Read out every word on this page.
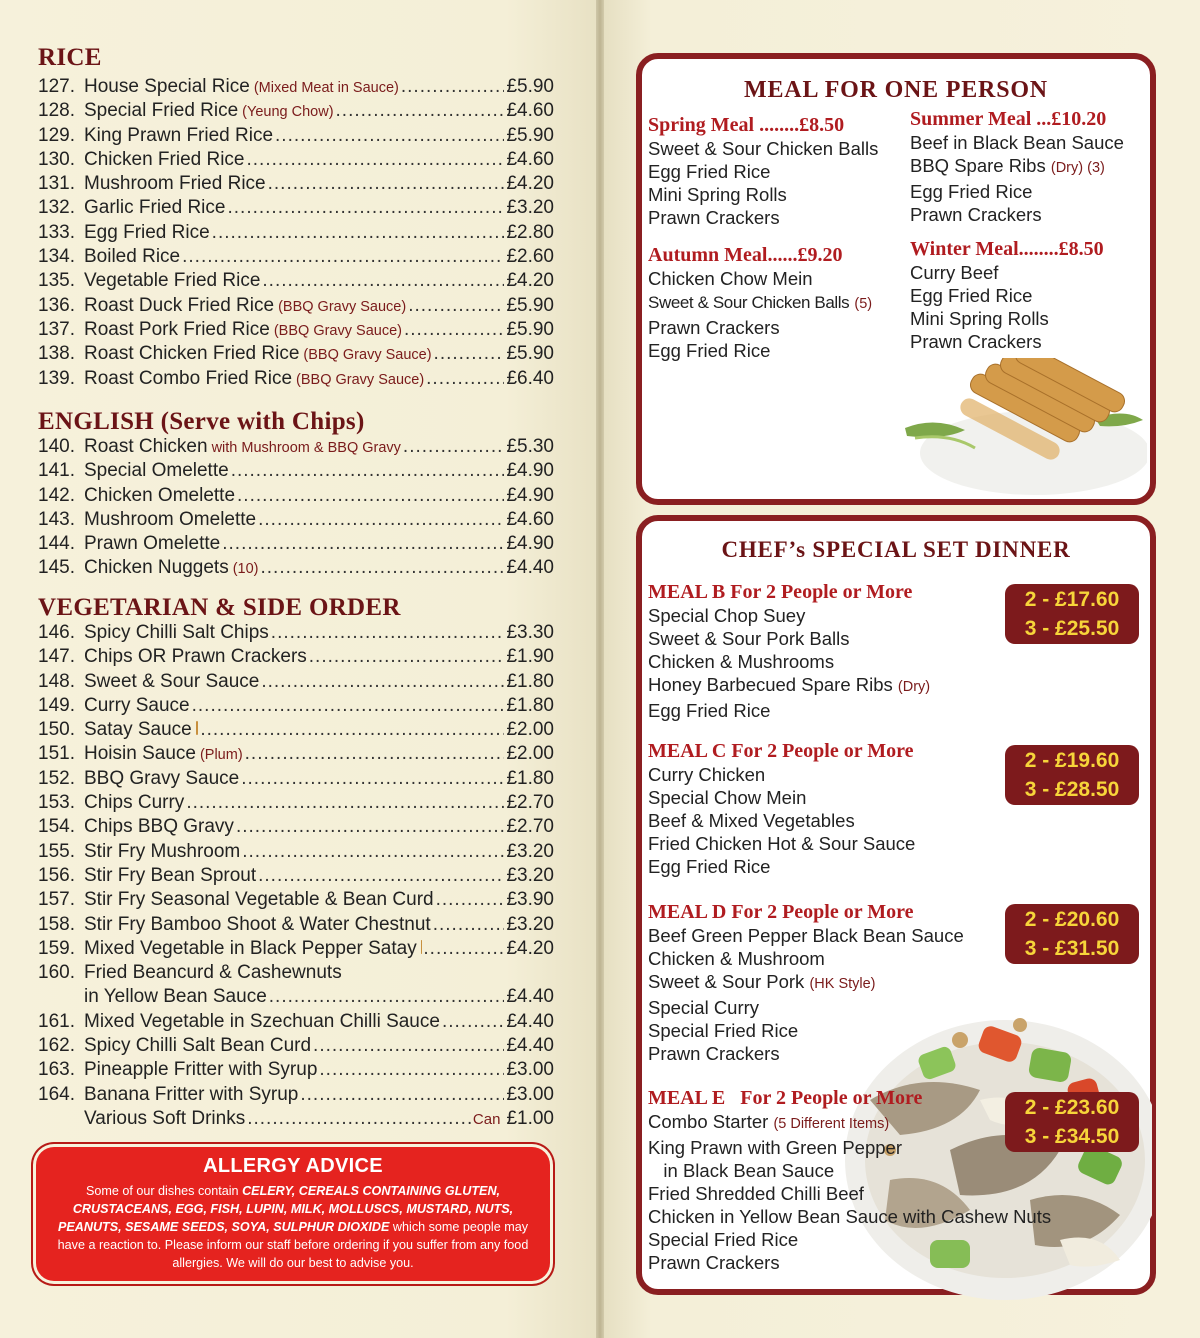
RICE
127. House Special Rice (Mixed Meat in Sauce) .....	£5.90
128. Special Fried Rice (Yeung Chow) .....	£4.60
129. King Prawn Fried Rice .....	£5.90
130. Chicken Fried Rice .....	£4.60
131. Mushroom Fried Rice .....	£4.20
132. Garlic Fried Rice .....	£3.20
133. Egg Fried Rice .....	£2.80
134. Boiled Rice .....	£2.60
135. Vegetable Fried Rice .....	£4.20
136. Roast Duck Fried Rice (BBQ Gravy Sauce) .....	£5.90
137. Roast Pork Fried Rice (BBQ Gravy Sauce) .....	£5.90
138. Roast Chicken Fried Rice (BBQ Gravy Sauce) .....	£5.90
139. Roast Combo Fried Rice (BBQ Gravy Sauce) .....	£6.40
ENGLISH (Serve with Chips)
140. Roast Chicken with Mushroom & BBQ Gravy .....	£5.30
141. Special Omelette .....	£4.90
142. Chicken Omelette .....	£4.90
143. Mushroom Omelette .....	£4.60
144. Prawn Omelette .....	£4.90
145. Chicken Nuggets (10) .....	£4.40
VEGETARIAN & SIDE ORDER
146. Spicy Chilli Salt Chips .....	£3.30
147. Chips OR Prawn Crackers .....	£1.90
148. Sweet & Sour Sauce .....	£1.80
149. Curry Sauce .....	£1.80
150. Satay Sauce .....	£2.00
151. Hoisin Sauce (Plum) .....	£2.00
152. BBQ Gravy Sauce .....	£1.80
153. Chips Curry .....	£2.70
154. Chips BBQ Gravy .....	£2.70
155. Stir Fry Mushroom .....	£3.20
156. Stir Fry Bean Sprout .....	£3.20
157. Stir Fry Seasonal Vegetable & Bean Curd .....	£3.90
158. Stir Fry Bamboo Shoot & Water Chestnut .....	£3.20
159. Mixed Vegetable in Black Pepper Satay .....	£4.20
160. Fried Beancurd & Cashewnuts
in Yellow Bean Sauce .....	£4.40
161. Mixed Vegetable in Szechuan Chilli Sauce .....	£4.40
162. Spicy Chilli Salt Bean Curd .....	£4.40
163. Pineapple Fritter with Syrup .....	£3.00
164. Banana Fritter with Syrup .....	£3.00
Various Soft Drinks .....	Can £1.00
ALLERGY ADVICE
Some of our dishes contain CELERY, CEREALS CONTAINING GLUTEN, CRUSTACEANS, EGG, FISH, LUPIN, MILK, MOLLUSCS, MUSTARD, NUTS, PEANUTS, SESAME SEEDS, SOYA, SULPHUR DIOXIDE which some people may have a reaction to. Please inform our staff before ordering if you suffer from any food allergies. We will do our best to advise you.
MEAL FOR ONE PERSON
Spring Meal ........£8.50
Sweet & Sour Chicken Balls
Egg Fried Rice
Mini Spring Rolls
Prawn Crackers
Summer Meal ...£10.20
Beef in Black Bean Sauce
BBQ Spare Ribs (Dry) (3)
Egg Fried Rice
Prawn Crackers
Autumn Meal......£9.20
Chicken Chow Mein
Sweet & Sour Chicken Balls (5)
Prawn Crackers
Egg Fried Rice
Winter Meal........£8.50
Curry Beef
Egg Fried Rice
Mini Spring Rolls
Prawn Crackers
CHEF’s SPECIAL SET DINNER
MEAL B For 2 People or More
Special Chop Suey
Sweet & Sour Pork Balls
Chicken & Mushrooms
Honey Barbecued Spare Ribs (Dry)
Egg Fried Rice
2 - £17.60
3 - £25.50
MEAL C For 2 People or More
Curry Chicken
Special Chow Mein
Beef & Mixed Vegetables
Fried Chicken Hot & Sour Sauce
Egg Fried Rice
2 - £19.60
3 - £28.50
MEAL D For 2 People or More
Beef Green Pepper Black Bean Sauce
Chicken & Mushroom
Sweet & Sour Pork (HK Style)
Special Curry
Special Fried Rice
Prawn Crackers
2 - £20.60
3 - £31.50
MEAL E   For 2 People or More
Combo Starter (5 Different Items)
King Prawn with Green Pepper
in Black Bean Sauce
Fried Shredded Chilli Beef
Chicken in Yellow Bean Sauce with Cashew Nuts
Special Fried Rice
Prawn Crackers
2 - £23.60
3 - £34.50
